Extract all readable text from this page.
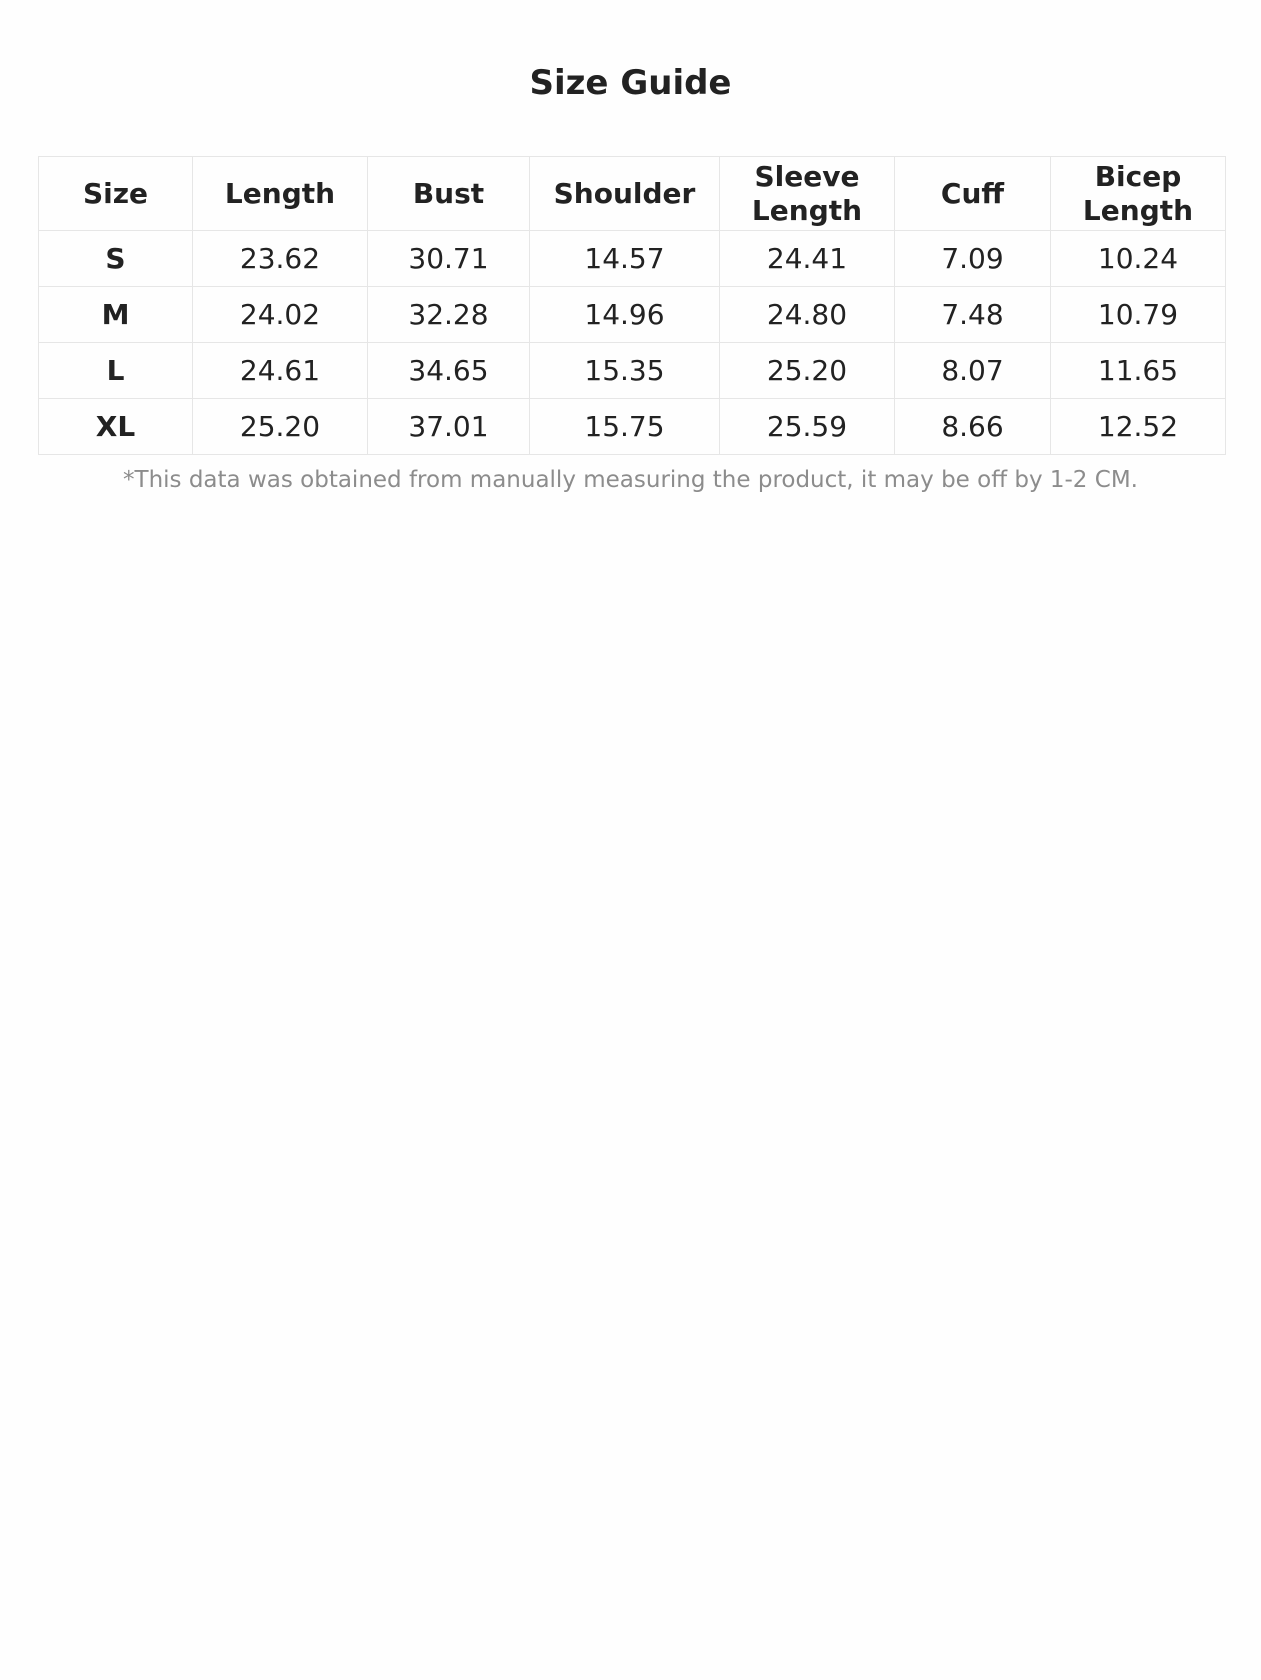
Size Guide
Size	Length	Bust	Shoulder	Sleeve Length	Cuff	Bicep Length
S	23.62	30.71	14.57	24.41	7.09	10.24
M	24.02	32.28	14.96	24.80	7.48	10.79
L	24.61	34.65	15.35	25.20	8.07	11.65
XL	25.20	37.01	15.75	25.59	8.66	12.52

*This data was obtained from manually measuring the product, it may be off by 1-2 CM.
